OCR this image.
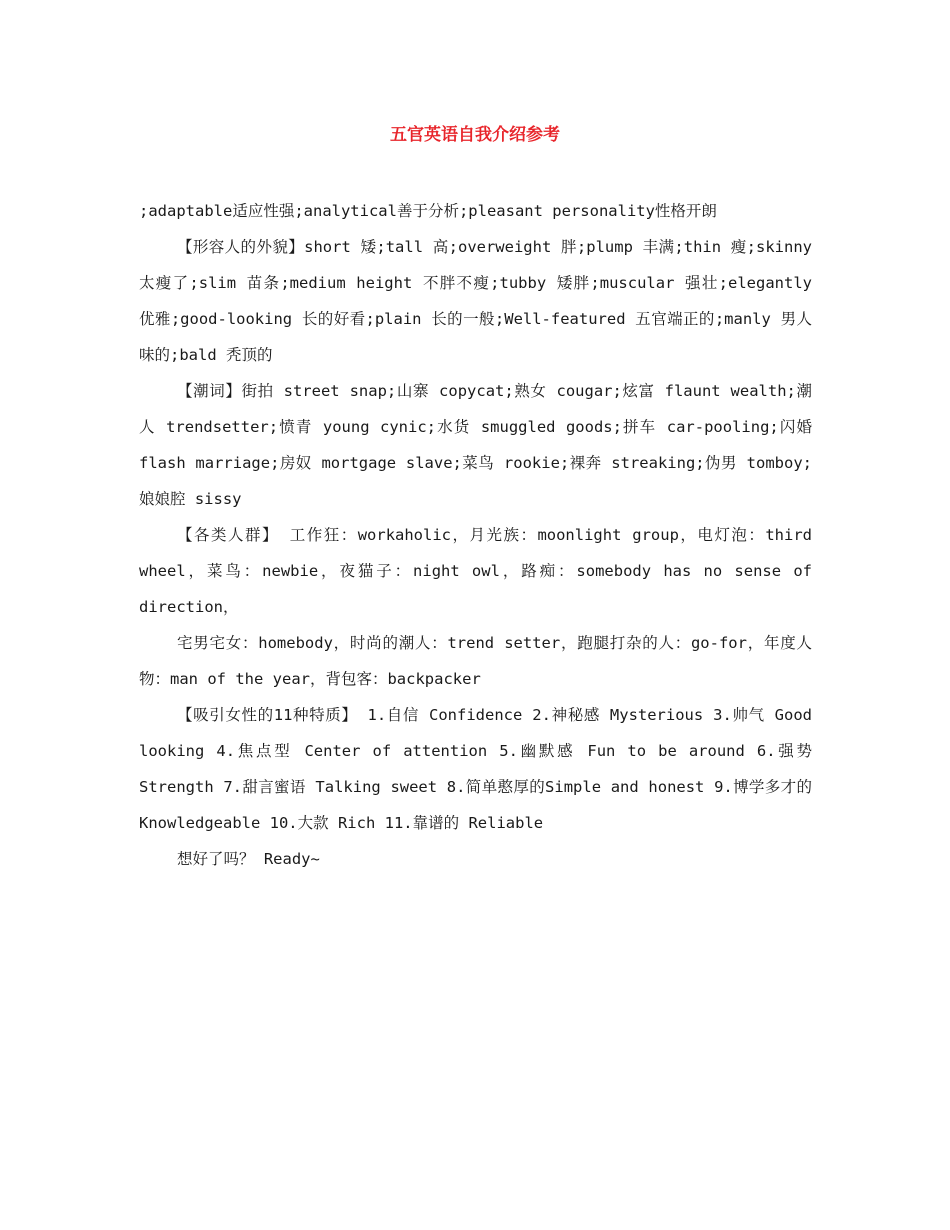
五官英语自我介绍参考

;adaptable适应性强;analytical善于分析;pleasant personality性格开朗

【形容人的外貌】short 矮;tall 高;overweight 胖;plump 丰满;thin 瘦;skinny太瘦了;slim 苗条;medium height 不胖不瘦;tubby 矮胖;muscular 强壮;elegantly 优雅;good-looking 长的好看;plain 长的一般;Well-featured 五官端正的;manly 男人味的;bald 秃顶的

【潮词】街拍 street snap;山寨 copycat;熟女 cougar;炫富 flaunt wealth;潮人 trendsetter;愤青 young cynic;水货 smuggled goods;拼车 car-pooling;闪婚 flash marriage;房奴 mortgage slave;菜鸟 rookie;裸奔 streaking;伪男 tomboy;娘娘腔 sissy

【各类人群】 工作狂：workaholic，月光族：moonlight group，电灯泡：third wheel，菜鸟：newbie，夜猫子：night owl，路痴：somebody has no sense of direction，

宅男宅女：homebody，时尚的潮人：trend setter，跑腿打杂的人：go-for，年度人物：man of the year，背包客：backpacker

【吸引女性的11种特质】 1.自信 Confidence 2.神秘感 Mysterious 3.帅气 Good looking 4.焦点型 Center of attention 5.幽默感 Fun to be around 6.强势 Strength 7.甜言蜜语 Talking sweet 8.简单憨厚的Simple and honest 9.博学多才的Knowledgeable 10.大款 Rich 11.靠谱的 Reliable

想好了吗？ Ready~
